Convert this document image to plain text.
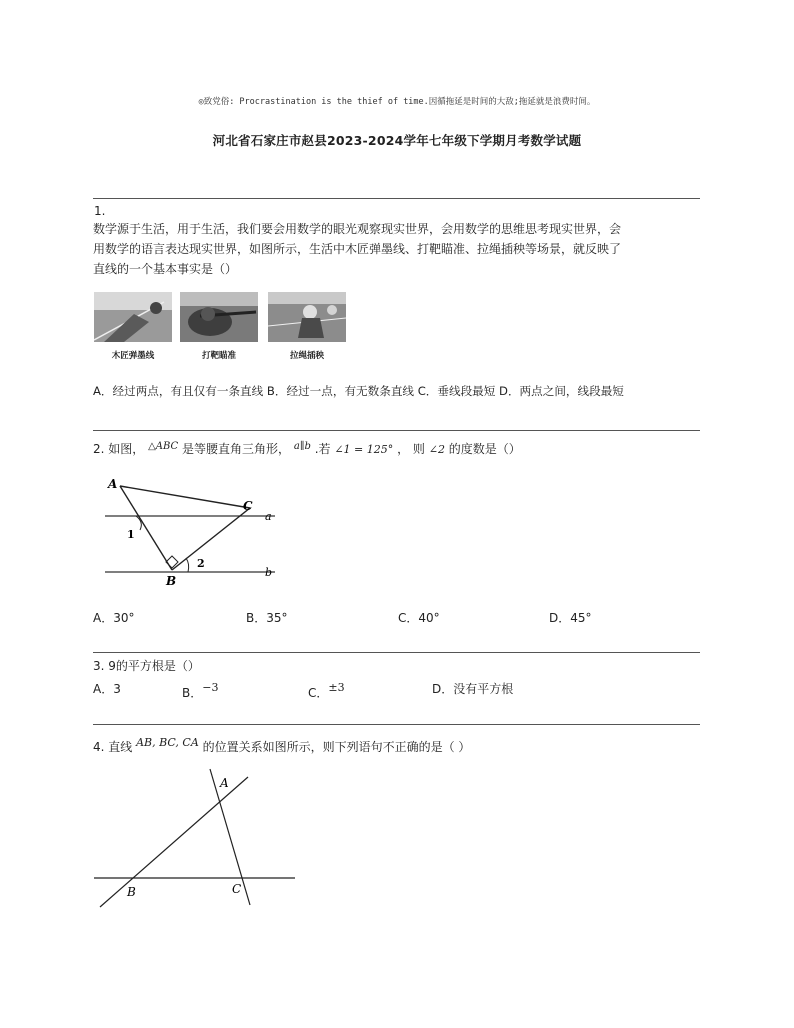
◎致党俗: Procrastination is the thief of time.因循拖延是时间的大敌;拖延就是浪费时间。
河北省石家庄市赵县2023-2024学年七年级下学期月考数学试题
1.
数学源于生活，用于生活，我们要会用数学的眼光观察现实世界，会用数学的思维思考现实世界，会
用数学的语言表达现实世界，如图所示，生活中木匠弹墨线、打靶瞄准、拉绳插秧等场景，就反映了
直线的一个基本事实是（）
木匠弹墨线	打靶瞄准	拉绳插秧
A．经过两点，有且仅有一条直线 B．经过一点，有无数条直线 C．垂线段最短 D．两点之间，线段最短
2. 如图， $^{\triangle ABC}$ 是等腰直角三角形， $^{a\parallel b}$ .若 ∠1 = 125° ， 则 ∠2 的度数是（）
A
B
C
1
2
a
b
A．30°	B．35°	C．40°	D．45°
3. 9的平方根是（）
A．3	B．−3	C．±3	D．没有平方根
4. 直线 AB, BC, CA 的位置关系如图所示，则下列语句不正确的是（ ）
A
B	C
